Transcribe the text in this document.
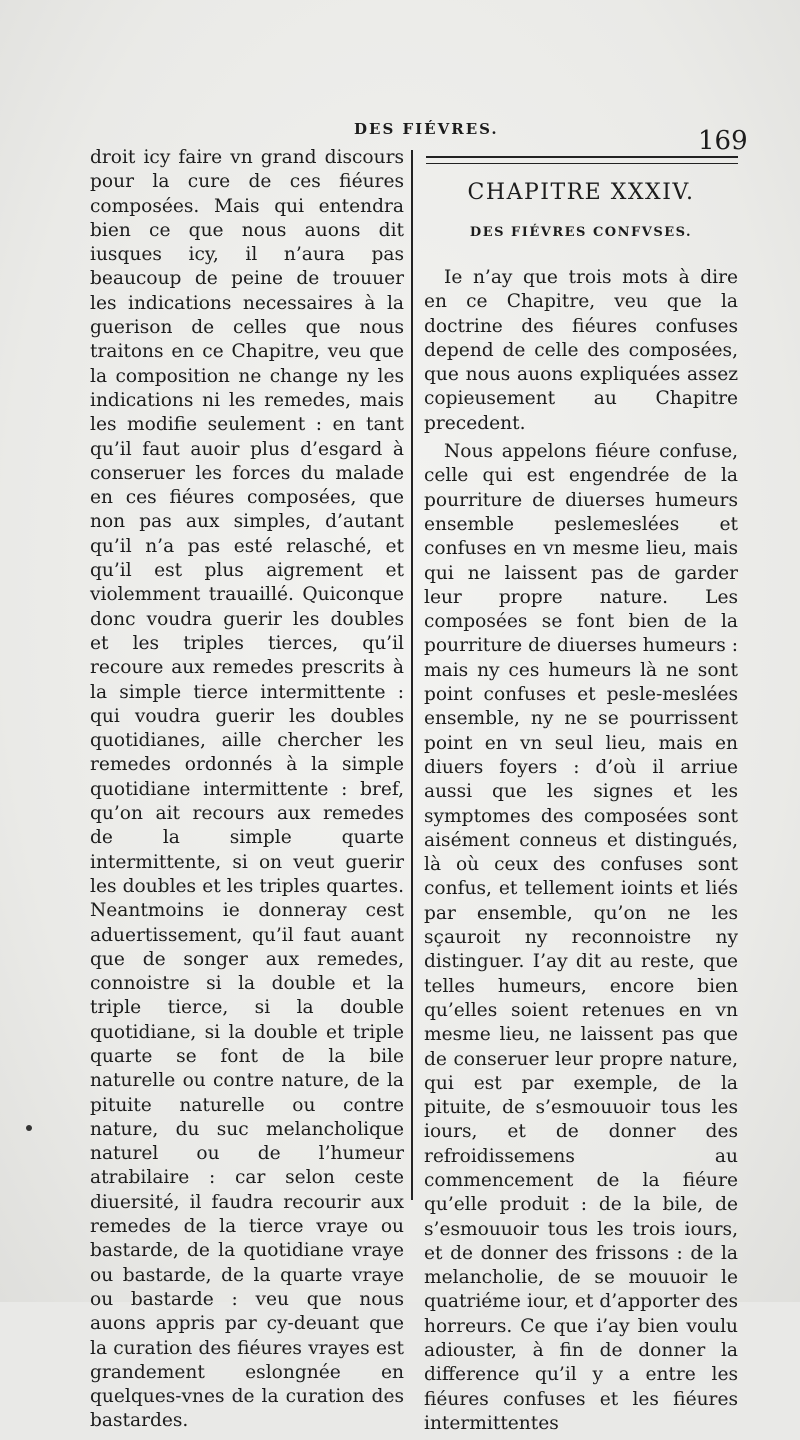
DES FIÉVRES.	169

droit icy faire vn grand discours pour la cure de ces fiéures composées. Mais qui entendra bien ce que nous auons dit iusques icy, il n’aura pas beaucoup de peine de trouuer les indications necessaires à la guerison de celles que nous traitons en ce Chapitre, veu que la composition ne change ny les indications ni les remedes, mais les modifie seulement : en tant qu’il faut auoir plus d’esgard à conseruer les forces du malade en ces fiéures composées, que non pas aux simples, d’autant qu’il n’a pas esté relasché, et qu’il est plus aigrement et violemment trauaillé. Quiconque donc voudra guerir les doubles et les triples tierces, qu’il recoure aux remedes prescrits à la simple tierce intermittente : qui voudra guerir les doubles quotidianes, aille chercher les remedes ordonnés à la simple quotidiane intermittente : bref, qu’on ait recours aux remedes de la simple quarte intermittente, si on veut guerir les doubles et les triples quartes. Neantmoins ie donneray cest aduertissement, qu’il faut auant que de songer aux remedes, connoistre si la double et la triple tierce, si la double quotidiane, si la double et triple quarte se font de la bile naturelle ou contre nature, de la pituite naturelle ou contre nature, du suc melancholique naturel ou de l’humeur atrabilaire : car selon ceste diuersité, il faudra recourir aux remedes de la tierce vraye ou bastarde, de la quotidiane vraye ou bastarde, de la quarte vraye ou bastarde : veu que nous auons appris par cy-deuant que la curation des fiéures vrayes est grandement eslongnée en quelques-vnes de la curation des bastardes.

CHAPITRE XXXIV.
DES FIÉVRES CONFVSES.

Ie n’ay que trois mots à dire en ce Chapitre, veu que la doctrine des fiéures confuses depend de celle des composées, que nous auons expliquées assez copieusement au Chapitre precedent.

Nous appelons fiéure confuse, celle qui est engendrée de la pourriture de diuerses humeurs ensemble peslemeslées et confuses en vn mesme lieu, mais qui ne laissent pas de garder leur propre nature. Les composées se font bien de la pourriture de diuerses humeurs : mais ny ces humeurs là ne sont point confuses et pesle-meslées ensemble, ny ne se pourrissent point en vn seul lieu, mais en diuers foyers : d’où il arriue aussi que les signes et les symptomes des composées sont aisément conneus et distingués, là où ceux des confuses sont confus, et tellement ioints et liés par ensemble, qu’on ne les sçauroit ny reconnoistre ny distinguer. I’ay dit au reste, que telles humeurs, encore bien qu’elles soient retenues en vn mesme lieu, ne laissent pas que de conseruer leur propre nature, qui est par exemple, de la pituite, de s’esmouuoir tous les iours, et de donner des refroidissemens au commencement de la fiéure qu’elle produit : de la bile, de s’esmouuoir tous les trois iours, et de donner des frissons : de la melancholie, de se mouuoir le quatriéme iour, et d’apporter des horreurs. Ce que i’ay bien voulu adiouster, à fin de donner la difference qu’il y a entre les fiéures confuses et les fiéures intermittentes
